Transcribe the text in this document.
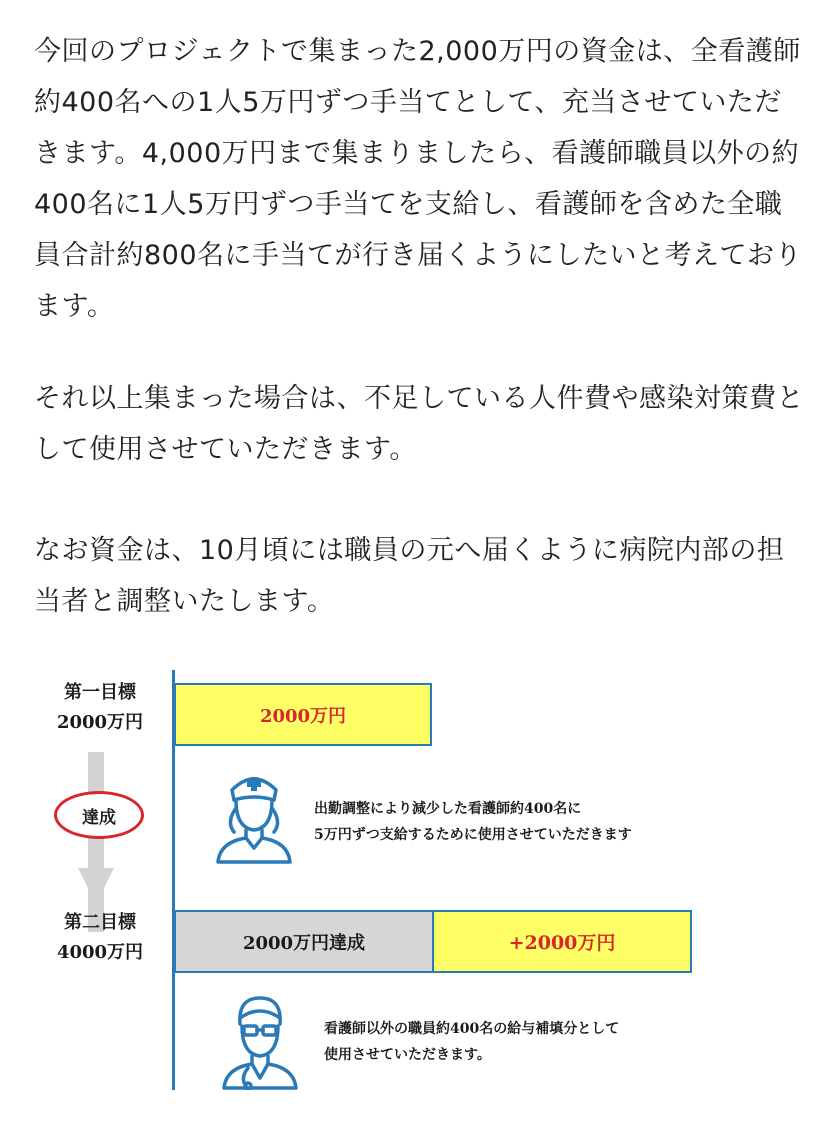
今回のプロジェクトで集まった2,000万円の資金は、全看護師約400名への1人5万円ずつ手当てとして、充当させていただきます。4,000万円まで集まりましたら、看護師職員以外の約400名に1人5万円ずつ手当てを支給し、看護師を含めた全職員合計約800名に手当てが行き届くようにしたいと考えております。

それ以上集まった場合は、不足している人件費や感染対策費として使用させていただきます。

なお資金は、10月頃には職員の元へ届くように病院内部の担当者と調整いたします。

第一目標
2000万円
達成
第二目標
4000万円
2000万円
出勤調整により減少した看護師約400名に
5万円ずつ支給するために使用させていただきます
2000万円達成	+2000万円
看護師以外の職員約400名の給与補填分として
使用させていただきます。
